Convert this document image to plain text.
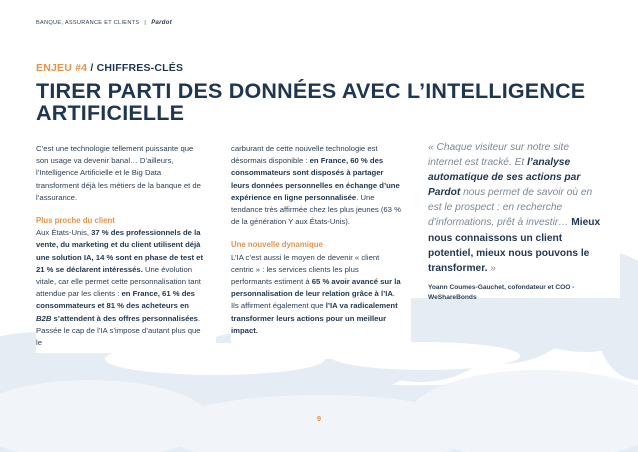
BANQUE, ASSURANCE ET CLIENTS | Pardot
ENJEU #4 / CHIFFRES-CLÉS
TIRER PARTI DES DONNÉES AVEC L’INTELLIGENCE ARTIFICIELLE

C’est une technologie tellement puissante que son usage va devenir banal… D’ailleurs, l’Intelligence Artificielle et le Big Data transforment déjà les métiers de la banque et de l’assurance.

Plus proche du client

Aux États-Unis, 37 % des professionnels de la vente, du marketing et du client utilisent déjà une solution IA, 14 % sont en phase de test et 21 % se déclarent intéressés. Une évolution vitale, car elle permet cette personnalisation tant attendue par les clients : en France, 61 % des consommateurs et 81 % des acheteurs en B2B s’attendent à des offres personnalisées. Passée le cap de l’IA s’impose d’autant plus que le

carburant de cette nouvelle technologie est désormais disponible : en France, 60 % des consommateurs sont disposés à partager leurs données personnelles en échange d’une expérience en ligne personnalisée. Une tendance très affirmée chez les plus jeunes (63 % de la génération Y aux États-Unis).

Une nouvelle dynamique

L’IA c’est aussi le moyen de devenir « client centric » : les services clients les plus performants estiment à 65 % avoir avancé sur la personnalisation de leur relation grâce à l’IA. Ils affirment également que l’IA va radicalement transformer leurs actions pour un meilleur impact.

« Chaque visiteur sur notre site internet est tracké. Et l’analyse automatique de ses actions par Pardot nous permet de savoir où en est le prospect : en recherche d’informations, prêt à investir… Mieux nous connaissons un client potentiel, mieux nous pouvons le transformer. »

Yoann Coumes-Gauchet, cofondateur et COO - WeShareBonds
9
